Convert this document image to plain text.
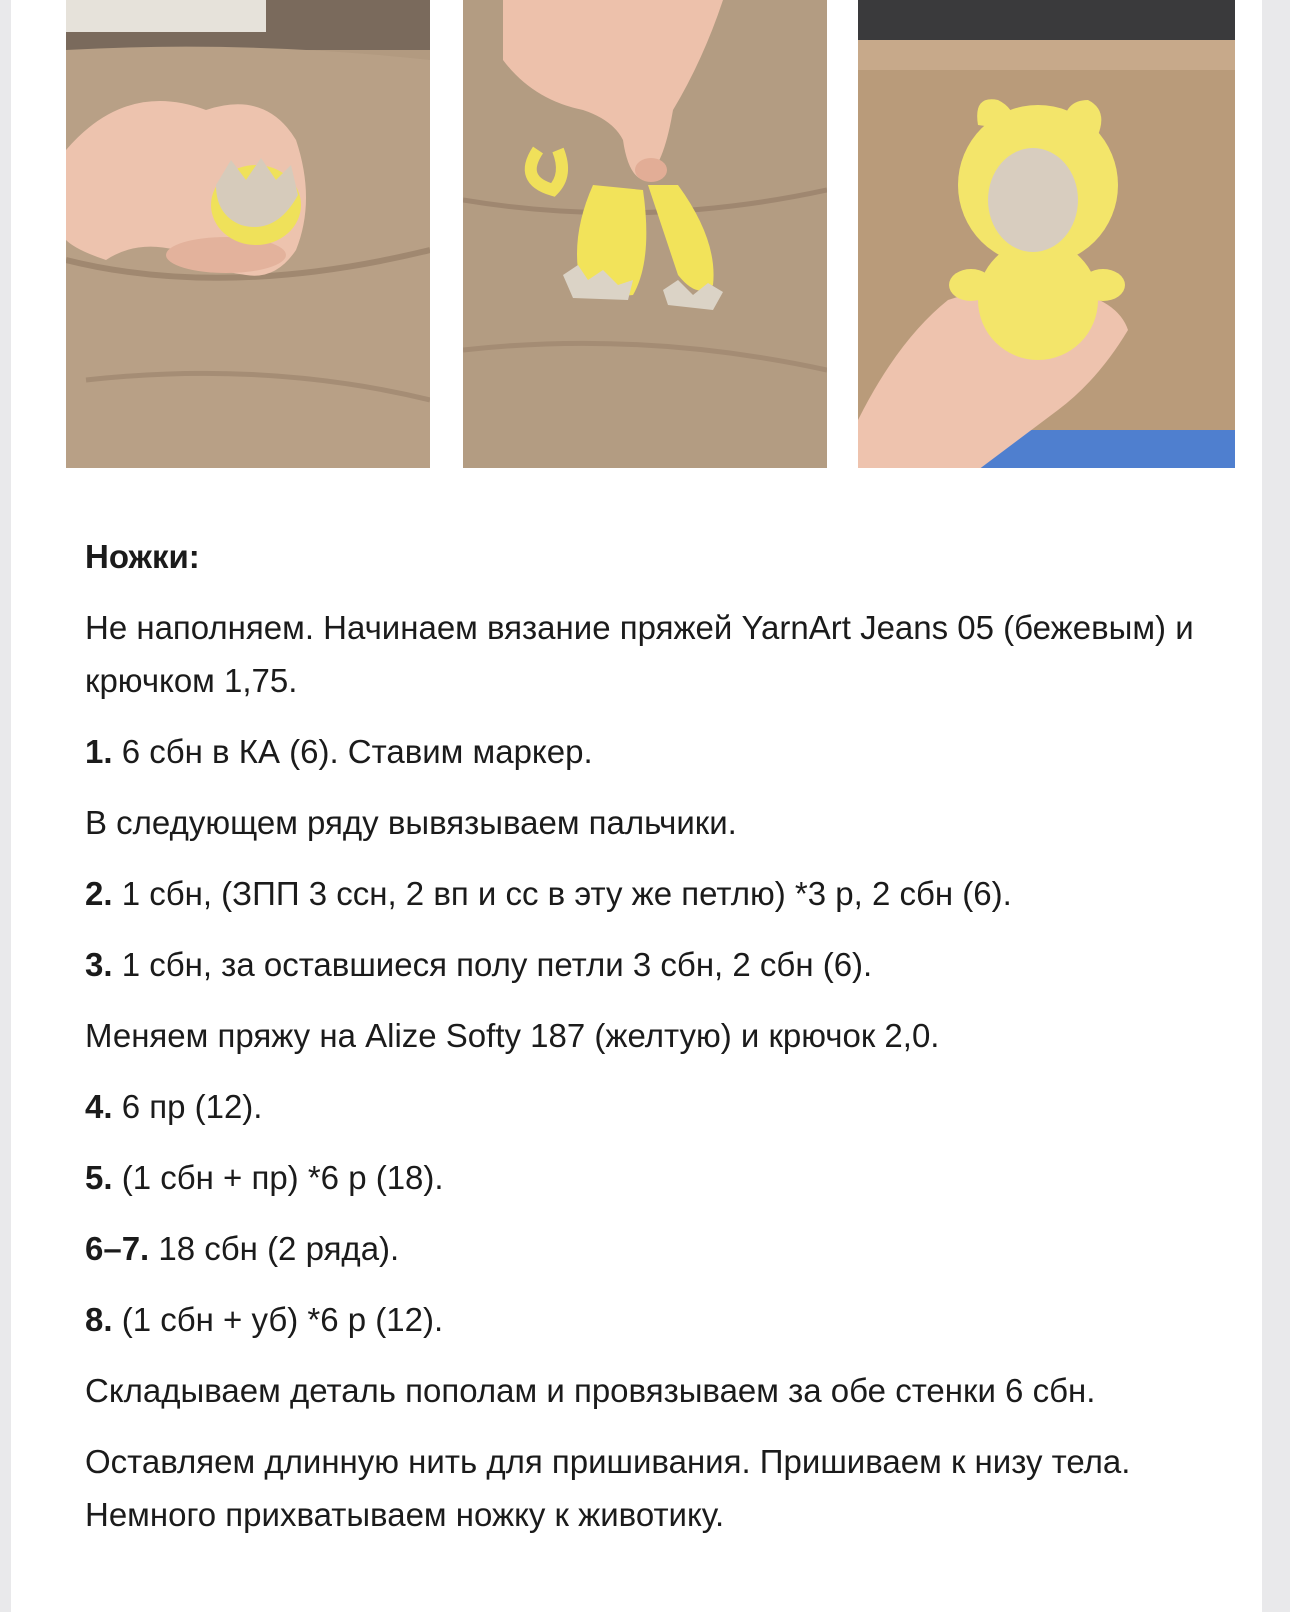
Ножки:

Не наполняем. Начинаем вязание пряжей YarnArt Jeans 05 (бежевым) и крючком 1,75.

1. 6 сбн в КА (6). Ставим маркер.

В следующем ряду вывязываем пальчики.

2. 1 сбн, (ЗПП 3 ссн, 2 вп и сс в эту же петлю) *3 р, 2 сбн (6).

3. 1 сбн, за оставшиеся полу петли 3 сбн, 2 сбн (6).

Меняем пряжу на Alize Softy 187 (желтую) и крючок 2,0.

4. 6 пр (12).

5. (1 сбн + пр) *6 р (18).

6–7. 18 сбн (2 ряда).

8. (1 сбн + уб) *6 р (12).

Складываем деталь пополам и провязываем за обе стенки 6 сбн.

Оставляем длинную нить для пришивания. Пришиваем к низу тела. Немного прихватываем ножку к животику.
